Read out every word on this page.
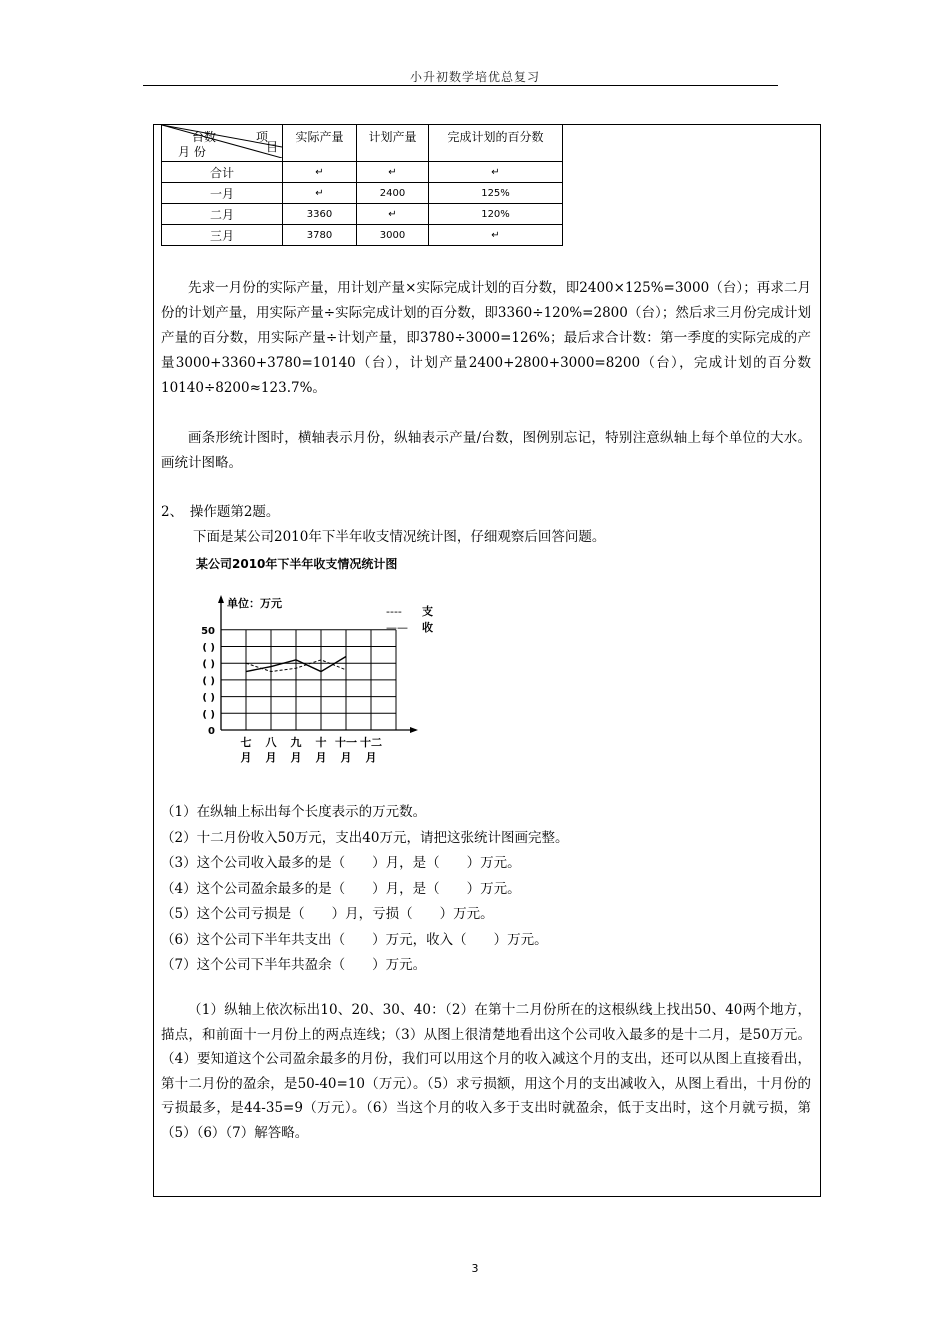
小升初数学培优总复习
台数 项
目
月 份	实际产量	计划产量	完成计划的百分数
合计	↵	↵	↵
一月	↵	2400	125%
二月	3360	↵	120%
三月	3780	3000	↵
先求一月份的实际产量，用计划产量×实际完成计划的百分数，即2400×125%=3000（台）；再求二月份的计划产量，用实际产量÷实际完成计划的百分数，即3360÷120%=2800（台）；然后求三月份完成计划产量的百分数，用实际产量÷计划产量，即3780÷3000=126%；最后求合计数：第一季度的实际完成的产量3000+3360+3780=10140（台），计划产量2400+2800+3000=8200（台），完成计划的百分数10140÷8200≈123.7%。
画条形统计图时，横轴表示月份，纵轴表示产量/台数，图例别忘记，特别注意纵轴上每个单位的大水。画统计图略。
2、　操作题第2题。
下面是某公司2010年下半年收支情况统计图，仔细观察后回答问题。
某公司2010年下半年收支情况统计图
单位：万元
0
( )
( )
( )
( )
( )
50
七
月
八
月
九
月
十
月
十一
月
十二
月
---- 支
—— 收
（1）在纵轴上标出每个长度表示的万元数。
（2）十二月份收入50万元，支出40万元，请把这张统计图画完整。
（3）这个公司收入最多的是（　　）月，是（　　）万元。
（4）这个公司盈余最多的是（　　）月，是（　　）万元。
（5）这个公司亏损是（　　）月，亏损（　　）万元。
（6）这个公司下半年共支出（　　）万元，收入（　　）万元。
（7）这个公司下半年共盈余（　　）万元。
（1）纵轴上依次标出10、20、30、40：（2）在第十二月份所在的这根纵线上找出50、40两个地方，描点，和前面十一月份上的两点连线；（3）从图上很清楚地看出这个公司收入最多的是十二月，是50万元。（4）要知道这个公司盈余最多的月份，我们可以用这个月的收入减这个月的支出，还可以从图上直接看出，第十二月份的盈余，是50-40=10（万元）。（5）求亏损额，用这个月的支出减收入，从图上看出，十月份的亏损最多，是44-35=9（万元）。（6）当这个月的收入多于支出时就盈余，低于支出时，这个月就亏损，第（5）（6）（7）解答略。
3
